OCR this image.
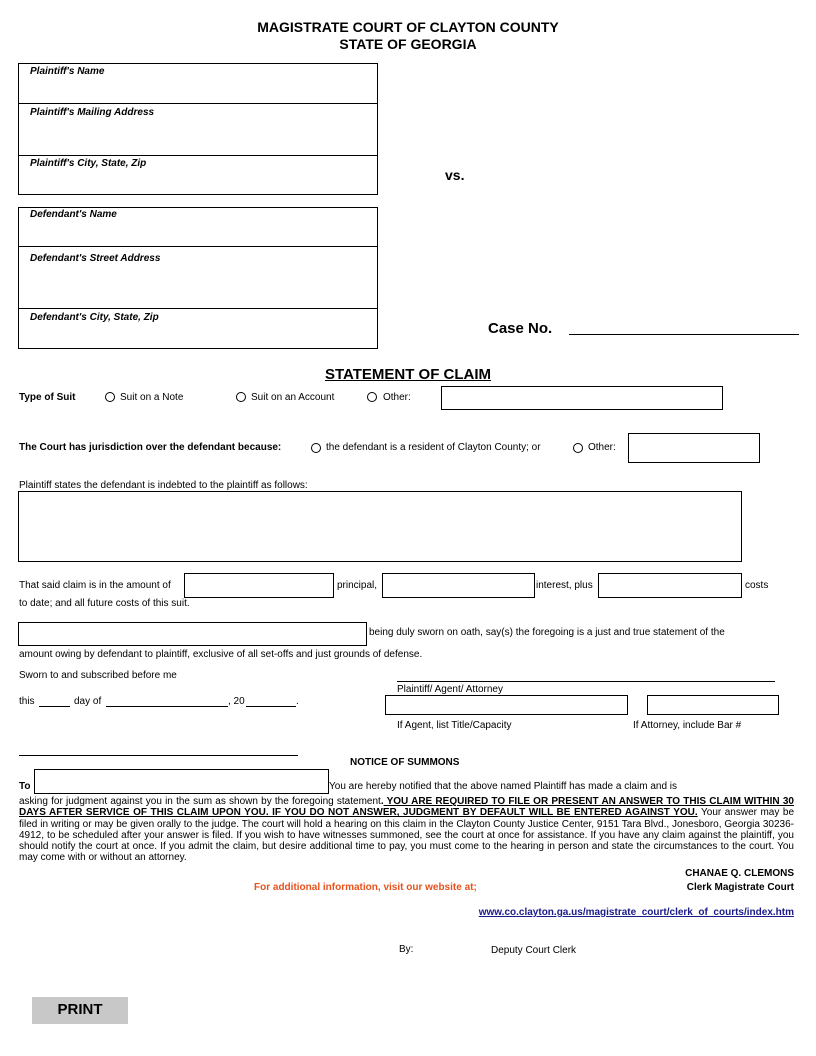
MAGISTRATE COURT OF CLAYTON COUNTY
STATE OF GEORGIA
Plaintiff's Name
Plaintiff's Mailing Address
Plaintiff's City, State, Zip
vs.
Defendant's Name
Defendant's Street Address
Defendant's City, State, Zip
Case No.
STATEMENT OF CLAIM
Type of Suit	Suit on a Note	Suit on an Account	Other:
The Court has jurisdiction over the defendant because:	the defendant is a resident of Clayton County; or	Other:
Plaintiff states the defendant is indebted to the plaintiff as follows:
That said claim is in the amount of	principal,	interest, plus	costs
to date; and all future costs of this suit.
being duly sworn on oath, say(s) the foregoing is a just and true statement of the
amount owing by defendant to plaintiff, exclusive of all set-offs and just grounds of defense.
Sworn to and subscribed before me
Plaintiff/ Agent/ Attorney
this	day of	, 20	.
If Agent, list Title/Capacity	If Attorney, include Bar #
NOTICE OF SUMMONS
To	You are hereby notified that the above named Plaintiff has made a claim and is
asking for judgment against you in the sum as shown by the foregoing statement. YOU ARE REQUIRED TO FILE OR PRESENT AN ANSWER TO THIS CLAIM WITHIN 30 DAYS AFTER SERVICE OF THIS CLAIM UPON YOU. IF YOU DO NOT ANSWER, JUDGMENT BY DEFAULT WILL BE ENTERED AGAINST YOU. Your answer may be filed in writing or may be given orally to the judge. The court will hold a hearing on this claim in the Clayton County Justice Center, 9151 Tara Blvd., Jonesboro, Georgia 30236-4912, to be scheduled after your answer is filed. If you wish to have witnesses summoned, see the court at once for assistance. If you have any claim against the plaintiff, you should notify the court at once. If you admit the claim, but desire additional time to pay, you must come to the hearing in person and state the circumstances to the court. You may come with or without an attorney.
CHANAE Q. CLEMONS
Clerk Magistrate Court
For additional information, visit our website at;
www.co.clayton.ga.us/magistrate_court/clerk_of_courts/index.htm
By:	Deputy Court Clerk
PRINT
